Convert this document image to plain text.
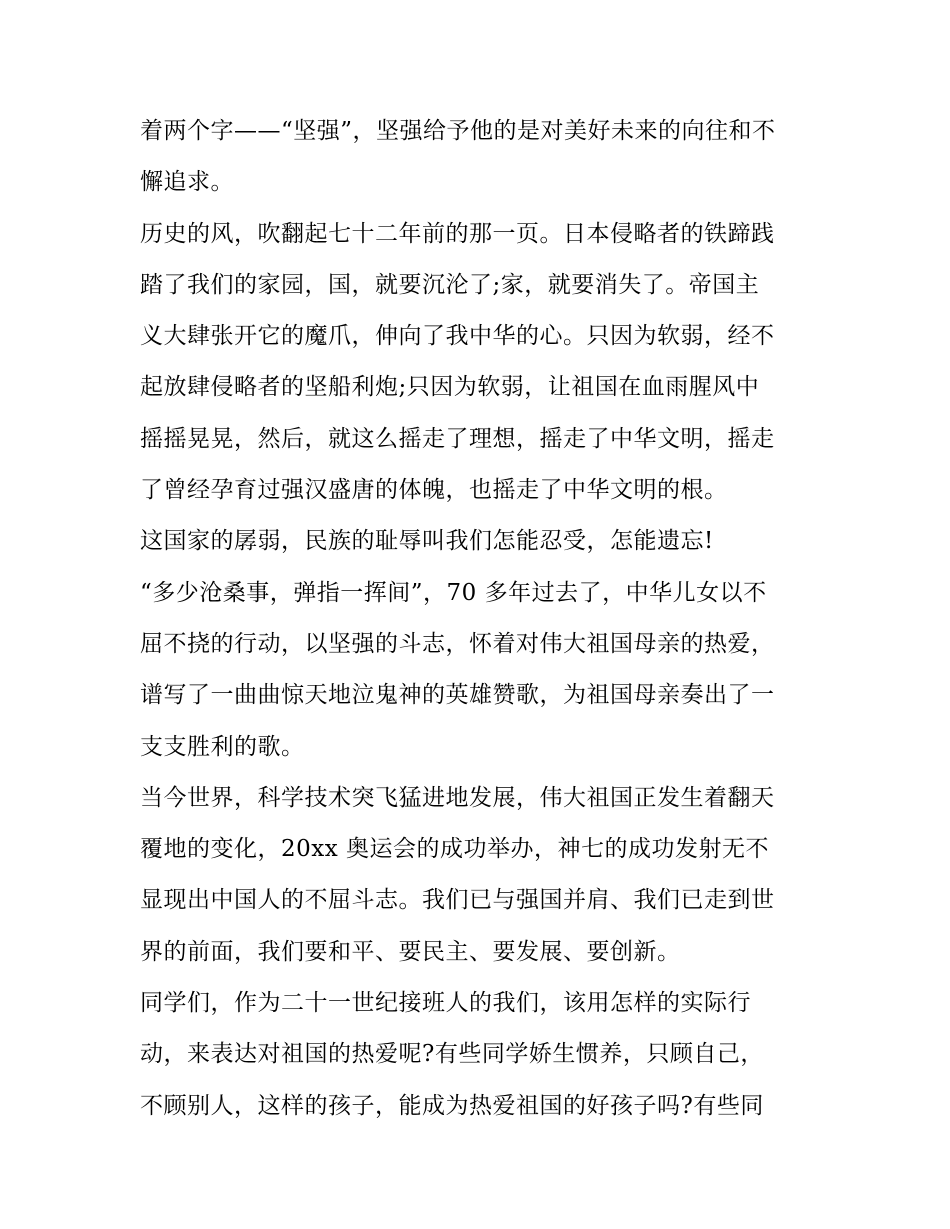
着两个字——“坚强”，坚强给予他的是对美好未来的向往和不
懈追求。
历史的风，吹翻起七十二年前的那一页。日本侵略者的铁蹄践
踏了我们的家园，国，就要沉沦了;家，就要消失了。帝国主
义大肆张开它的魔爪，伸向了我中华的心。只因为软弱，经不
起放肆侵略者的坚船利炮;只因为软弱，让祖国在血雨腥风中
摇摇晃晃，然后，就这么摇走了理想，摇走了中华文明，摇走
了曾经孕育过强汉盛唐的体魄，也摇走了中华文明的根。
这国家的孱弱，民族的耻辱叫我们怎能忍受，怎能遗忘!
“多少沧桑事，弹指一挥间”，70 多年过去了，中华儿女以不
屈不挠的行动，以坚强的斗志，怀着对伟大祖国母亲的热爱，
谱写了一曲曲惊天地泣鬼神的英雄赞歌，为祖国母亲奏出了一
支支胜利的歌。
当今世界，科学技术突飞猛进地发展，伟大祖国正发生着翻天
覆地的变化，20xx 奥运会的成功举办，神七的成功发射无不
显现出中国人的不屈斗志。我们已与强国并肩、我们已走到世
界的前面，我们要和平、要民主、要发展、要创新。
同学们，作为二十一世纪接班人的我们，该用怎样的实际行
动，来表达对祖国的热爱呢?有些同学娇生惯养，只顾自己，
不顾别人，这样的孩子，能成为热爱祖国的好孩子吗?有些同
